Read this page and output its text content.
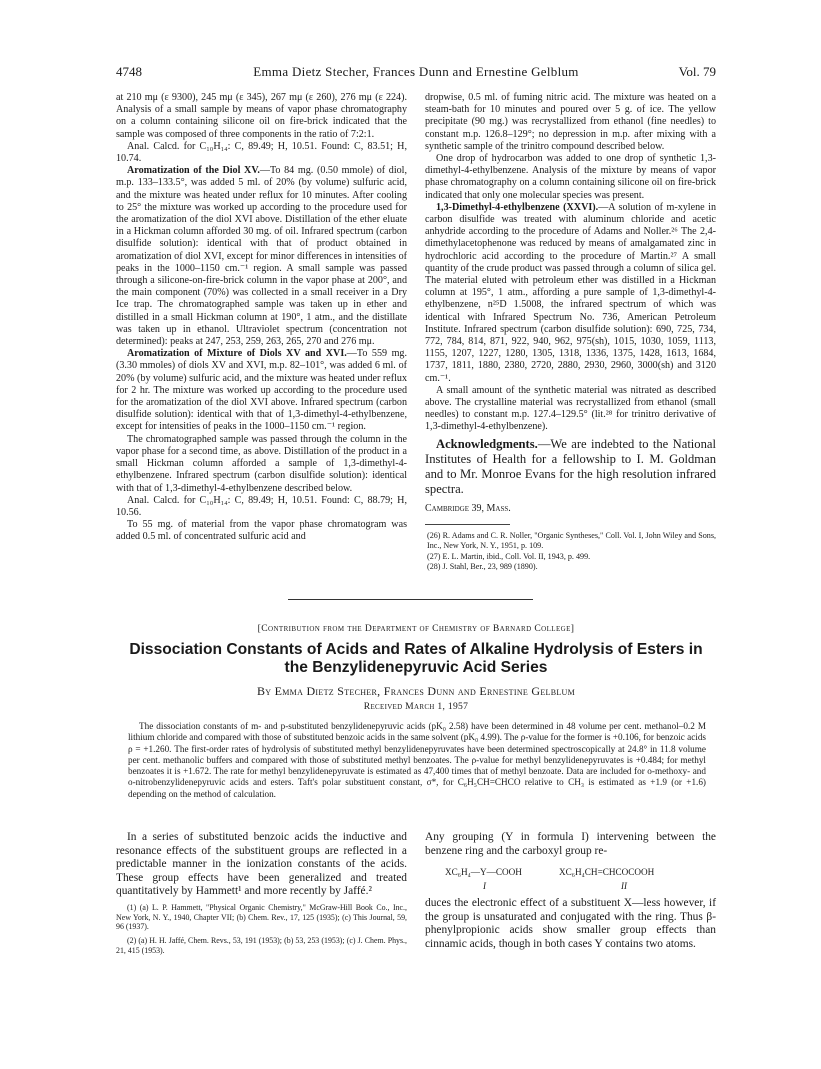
4748	Emma Dietz Stecher, Frances Dunn and Ernestine Gelblum	Vol. 79

at 210 mμ (ε 9300), 245 mμ (ε 345), 267 mμ (ε 260), 276 mμ (ε 224). Analysis of a small sample by means of vapor phase chromatography on a column containing silicone oil on fire-brick indicated that the sample was composed of three components in the ratio of 7:2:1.

Anal. Calcd. for C₁₀H₁₄: C, 89.49; H, 10.51. Found: C, 83.51; H, 10.74.

Aromatization of the Diol XV.—To 84 mg. (0.50 mmole) of diol, m.p. 133–133.5°, was added 5 ml. of 20% (by volume) sulfuric acid, and the mixture was heated under reflux for 10 minutes. After cooling to 25° the mixture was worked up according to the procedure used for the aromatization of the diol XVI above. Distillation of the ether eluate in a Hickman column afforded 30 mg. of oil. Infrared spectrum (carbon disulfide solution): identical with that of product obtained in aromatization of diol XVI, except for minor differences in intensities of peaks in the 1000–1150 cm.⁻¹ region. A small sample was passed through a silicone-on-fire-brick column in the vapor phase at 200°, and the main component (70%) was collected in a small receiver in a Dry Ice trap. The chromatographed sample was taken up in ether and distilled in a small Hickman column at 190°, 1 atm., and the distillate was taken up in ethanol. Ultraviolet spectrum (concentration not determined): peaks at 247, 253, 259, 263, 265, 270 and 276 mμ.

Aromatization of Mixture of Diols XV and XVI.—To 559 mg. (3.30 mmoles) of diols XV and XVI, m.p. 82–101°, was added 6 ml. of 20% (by volume) sulfuric acid, and the mixture was heated under reflux for 2 hr. The mixture was worked up according to the procedure used for the aromatization of the diol XVI above. Infrared spectrum (carbon disulfide solution): identical with that of 1,3-dimethyl-4-ethylbenzene, except for intensities of peaks in the 1000–1150 cm.⁻¹ region.

The chromatographed sample was passed through the column in the vapor phase for a second time, as above. Distillation of the product in a small Hickman column afforded a sample of 1,3-dimethyl-4-ethylbenzene. Infrared spectrum (carbon disulfide solution): identical with that of 1,3-dimethyl-4-ethylbenzene described below.

Anal. Calcd. for C₁₀H₁₄: C, 89.49; H, 10.51. Found: C, 88.79; H, 10.56.

To 55 mg. of material from the vapor phase chromatogram was added 0.5 ml. of concentrated sulfuric acid and

dropwise, 0.5 ml. of fuming nitric acid. The mixture was heated on a steam-bath for 10 minutes and poured over 5 g. of ice. The yellow precipitate (90 mg.) was recrystallized from ethanol (fine needles) to constant m.p. 126.8–129°; no depression in m.p. after mixing with a synthetic sample of the trinitro compound described below.

One drop of hydrocarbon was added to one drop of synthetic 1,3-dimethyl-4-ethylbenzene. Analysis of the mixture by means of vapor phase chromatography on a column containing silicone oil on fire-brick indicated that only one molecular species was present.

1,3-Dimethyl-4-ethylbenzene (XXVI).—A solution of m-xylene in carbon disulfide was treated with aluminum chloride and acetic anhydride according to the procedure of Adams and Noller.²⁶ The 2,4-dimethylacetophenone was reduced by means of amalgamated zinc in hydrochloric acid according to the procedure of Martin.²⁷ A small quantity of the crude product was passed through a column of silica gel. The material eluted with petroleum ether was distilled in a Hickman column at 195°, 1 atm., affording a pure sample of 1,3-dimethyl-4-ethylbenzene, n²⁵D 1.5008, the infrared spectrum of which was identical with Infrared Spectrum No. 736, American Petroleum Institute. Infrared spectrum (carbon disulfide solution): 690, 725, 734, 772, 784, 814, 871, 922, 940, 962, 975(sh), 1015, 1030, 1059, 1113, 1155, 1207, 1227, 1280, 1305, 1318, 1336, 1375, 1428, 1613, 1684, 1737, 1811, 1880, 2380, 2720, 2880, 2930, 2960, 3000(sh) and 3120 cm.⁻¹.

A small amount of the synthetic material was nitrated as described above. The crystalline material was recrystallized from ethanol (small needles) to constant m.p. 127.4–129.5° (lit.²⁸ for trinitro derivative of 1,3-dimethyl-4-ethylbenzene).

Acknowledgments.—We are indebted to the National Institutes of Health for a fellowship to I. M. Goldman and to Mr. Monroe Evans for the high resolution infrared spectra.

Cambridge 39, Mass.

(26) R. Adams and C. R. Noller, "Organic Syntheses," Coll. Vol. I, John Wiley and Sons, Inc., New York, N. Y., 1951, p. 109.

(27) E. L. Martin, ibid., Coll. Vol. II, 1943, p. 499.

(28) J. Stahl, Ber., 23, 989 (1890).

[Contribution from the Department of Chemistry of Barnard College]
Dissociation Constants of Acids and Rates of Alkaline Hydrolysis of Esters in the Benzylidenepyruvic Acid Series
By Emma Dietz Stecher, Frances Dunn and Ernestine Gelblum
Received March 1, 1957

The dissociation constants of m- and p-substituted benzylidenepyruvic acids (pK₀ 2.58) have been determined in 48 volume per cent. methanol–0.2 M lithium chloride and compared with those of substituted benzoic acids in the same solvent (pK₀ 4.99). The ρ-value for the former is +0.106, for benzoic acids ρ = +1.260. The first-order rates of hydrolysis of substituted methyl benzylidenepyruvates have been determined spectroscopically at 24.8° in 11.8 volume per cent. methanolic buffers and compared with those of substituted methyl benzoates. The ρ-value for methyl benzylidenepyruvates is +0.484; for methyl benzoates it is +1.672. The rate for methyl benzylidenepyruvate is estimated as 47,400 times that of methyl benzoate. Data are included for o-methoxy- and o-nitrobenzylidenepyruvic acids and esters. Taft's polar substituent constant, σ*, for C₆H₅CH=CHCO relative to CH₃ is estimated as +1.9 (or +1.6) depending on the method of calculation.

In a series of substituted benzoic acids the inductive and resonance effects of the substituent groups are reflected in a predictable manner in the ionization constants of the acids. These group effects have been generalized and treated quantitatively by Hammett¹ and more recently by Jaffé.²

(1) (a) L. P. Hammett, "Physical Organic Chemistry," McGraw-Hill Book Co., Inc., New York, N. Y., 1940, Chapter VII; (b) Chem. Rev., 17, 125 (1935); (c) This Journal, 59, 96 (1937).

(2) (a) H. H. Jaffé, Chem. Revs., 53, 191 (1953); (b) 53, 253 (1953); (c) J. Chem. Phys., 21, 415 (1953).

Any grouping (Y in formula I) intervening between the benzene ring and the carboxyl group re-

XC₆H₄—Y—COOH
I
XC₆H₄CH=CHCOCOOH
II

duces the electronic effect of a substituent X—less however, if the group is unsaturated and conjugated with the ring. Thus β-phenylpropionic acids show smaller group effects than cinnamic acids, though in both cases Y contains two atoms.
